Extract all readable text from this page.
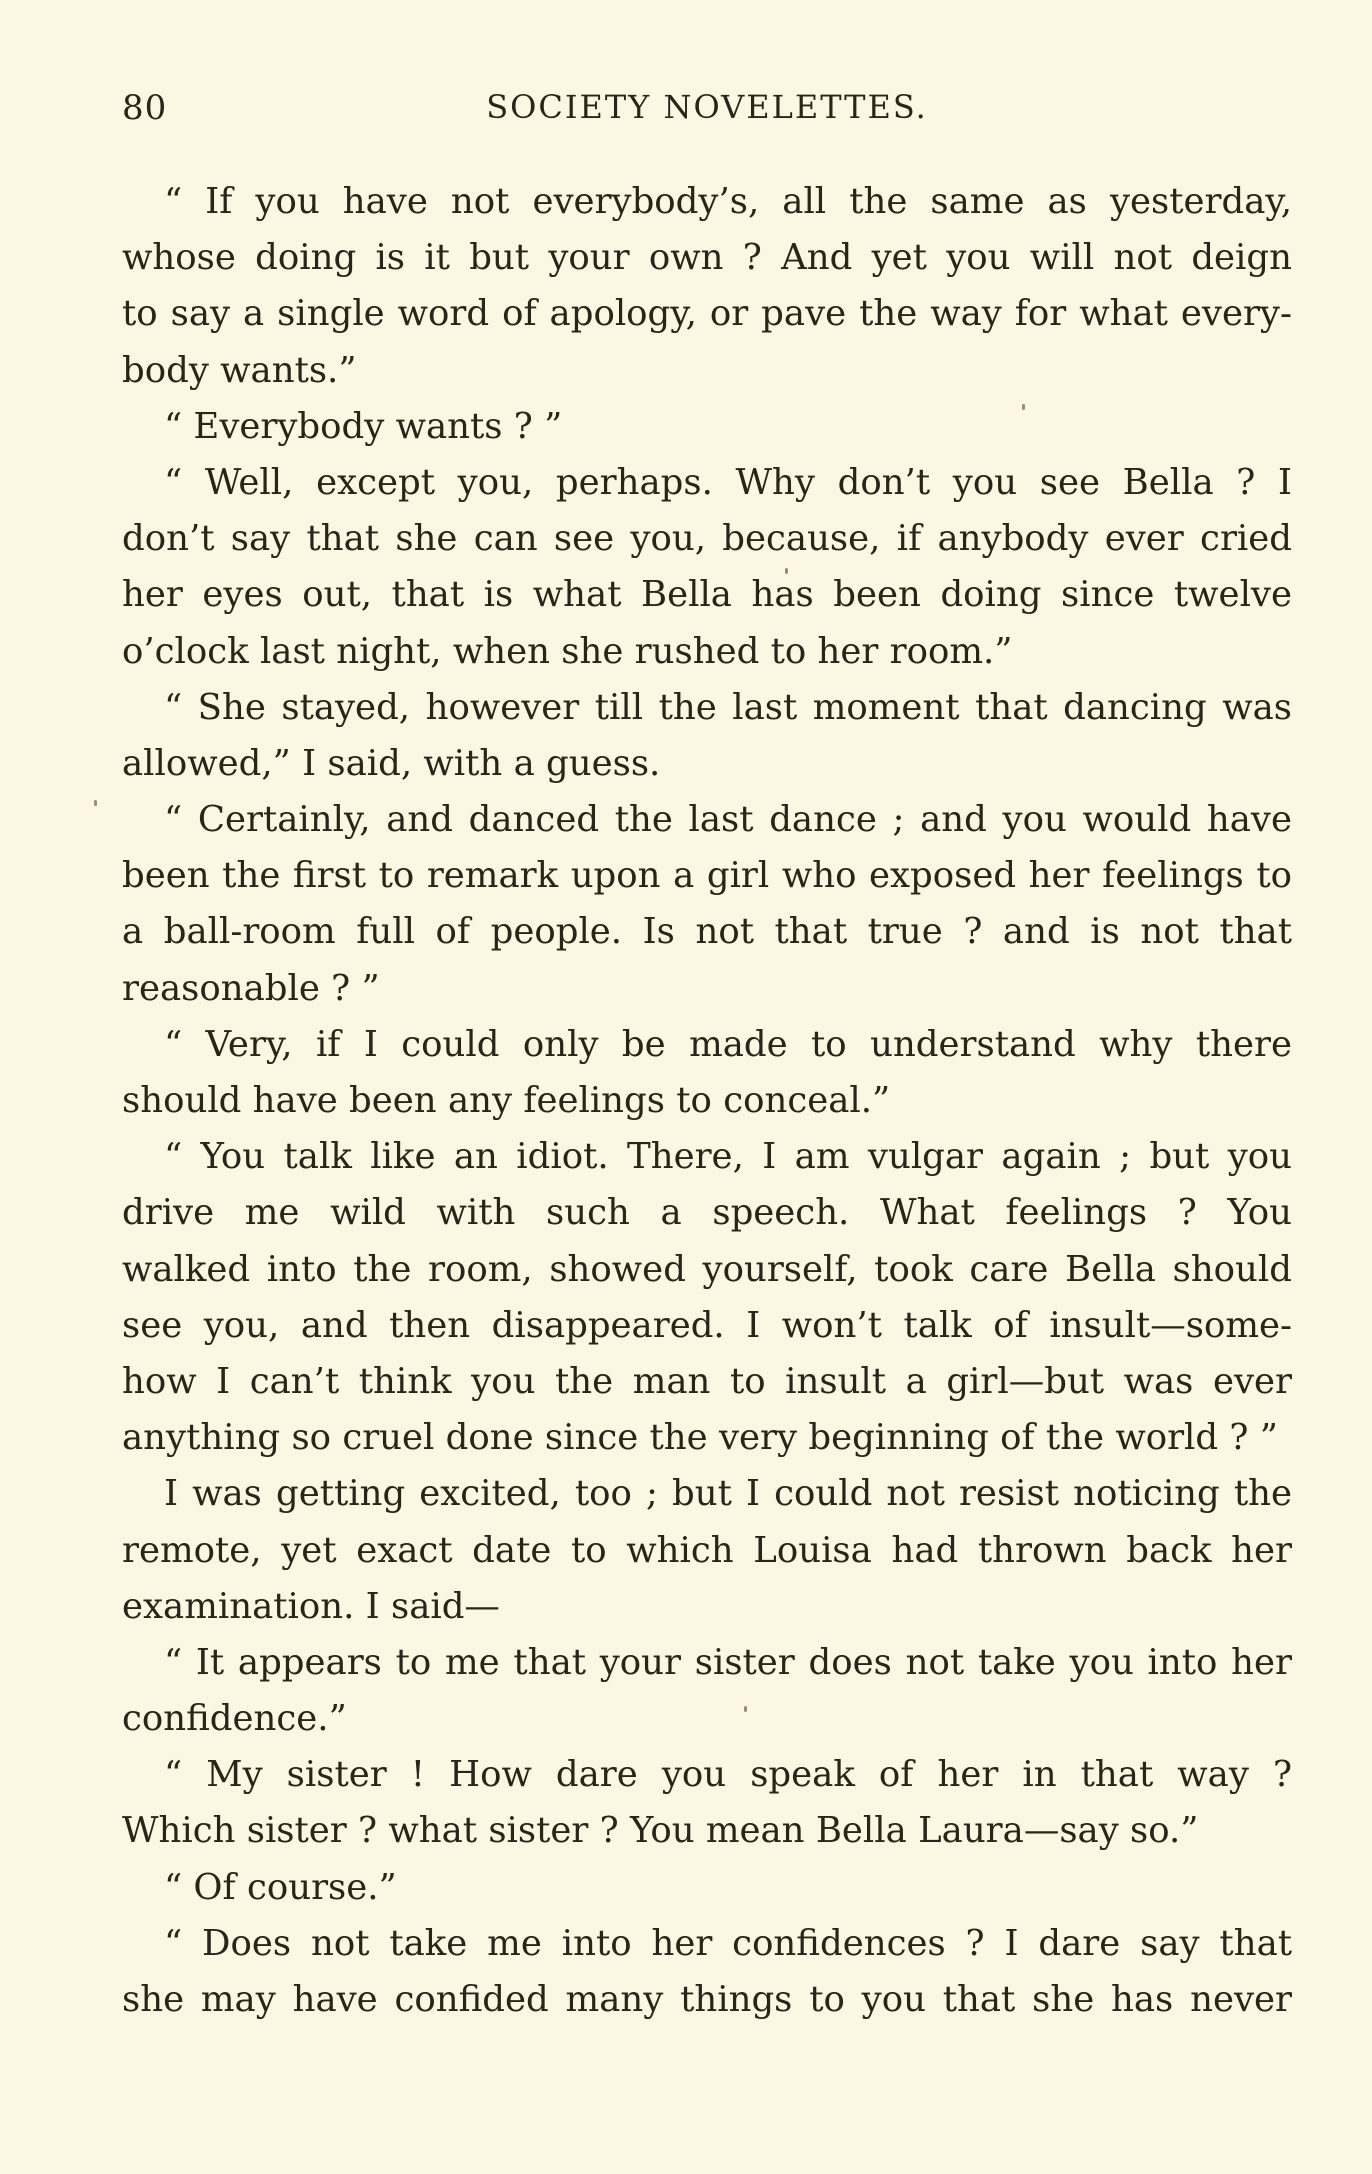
80	SOCIETY NOVELETTES.
“ If you have not everybody’s, all the same as yesterday,
whose doing is it but your own ? And yet you will not deign
to say a single word of apology, or pave the way for what every-
body wants.”
“ Everybody wants ? ”
“ Well, except you, perhaps. Why don’t you see Bella ? I
don’t say that she can see you, because, if anybody ever cried
her eyes out, that is what Bella has been doing since twelve
o’clock last night, when she rushed to her room.”
“ She stayed, however till the last moment that dancing was
allowed,” I said, with a guess.
“ Certainly, and danced the last dance ; and you would have
been the first to remark upon a girl who exposed her feelings to
a ball-room full of people. Is not that true ? and is not that
reasonable ? ”
“ Very, if I could only be made to understand why there
should have been any feelings to conceal.”
“ You talk like an idiot. There, I am vulgar again ; but you
drive me wild with such a speech. What feelings ? You
walked into the room, showed yourself, took care Bella should
see you, and then disappeared. I won’t talk of insult—some-
how I can’t think you the man to insult a girl—but was ever
anything so cruel done since the very beginning of the world ? ”
I was getting excited, too ; but I could not resist noticing the
remote, yet exact date to which Louisa had thrown back her
examination. I said—
“ It appears to me that your sister does not take you into her
confidence.”
“ My sister ! How dare you speak of her in that way ?
Which sister ? what sister ? You mean Bella Laura—say so.”
“ Of course.”
“ Does not take me into her confidences ? I dare say that
she may have confided many things to you that she has never
